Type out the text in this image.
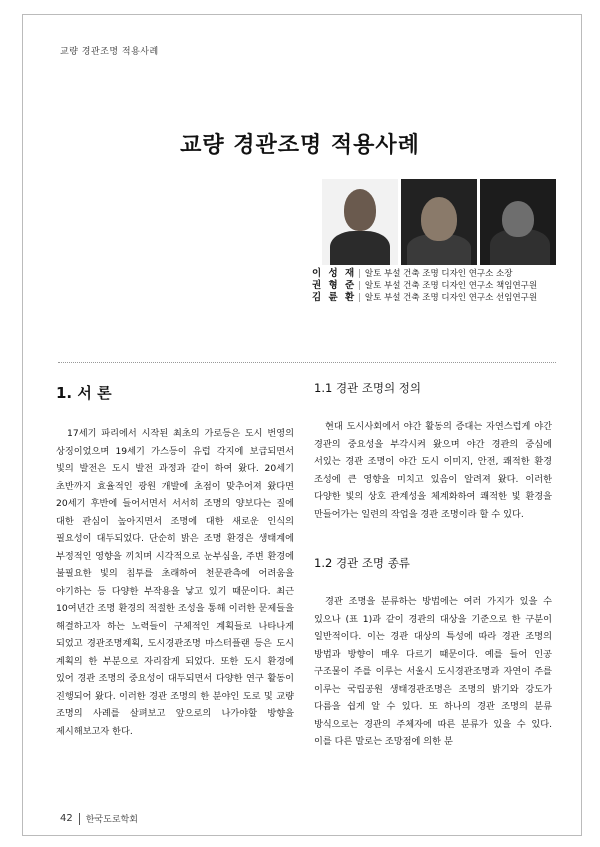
교량 경관조명 적용사례
교량 경관조명 적용사례
이 성 재 | 알토 부설 건축 조명 디자인 연구소 소장
권 형 준 | 알토 부설 건축 조명 디자인 연구소 책임연구원
김 륜 환 | 알토 부설 건축 조명 디자인 연구소 선임연구원
1. 서 론

17세기 파리에서 시작된 최초의 가로등은 도시 번영의 상징이었으며 19세기 가스등이 유럽 각지에 보급되면서 빛의 발전은 도시 발전 과정과 같이 하여 왔다. 20세기 초반까지 효율적인 광원 개발에 초점이 맞추어져 왔다면 20세기 후반에 들어서면서 서서히 조명의 양보다는 질에 대한 관심이 높아지면서 조명에 대한 새로운 인식의 필요성이 대두되었다. 단순히 밝은 조명 환경은 생태계에 부정적인 영향을 끼치며 시각적으로 눈부심을, 주변 환경에 불필요한 빛의 침투를 초래하여 천문관측에 어려움을 야기하는 등 다양한 부작용을 낳고 있기 때문이다. 최근 10여년간 조명 환경의 적절한 조성을 통해 이러한 문제들을 해결하고자 하는 노력들이 구체적인 계획들로 나타나게 되었고 경관조명계획, 도시경관조명 마스터플랜 등은 도시 계획의 한 부분으로 자리잡게 되었다. 또한 도시 환경에 있어 경관 조명의 중요성이 대두되면서 다양한 연구 활동이 진행되어 왔다. 이러한 경관 조명의 한 분야인 도로 및 교량 조명의 사례를 살펴보고 앞으로의 나가야할 방향을 제시해보고자 한다.

1.1 경관 조명의 정의

현대 도시사회에서 야간 활동의 증대는 자연스럽게 야간 경관의 중요성을 부각시켜 왔으며 야간 경관의 중심에 서있는 경관 조명이 야간 도시 이미지, 안전, 쾌적한 환경 조성에 큰 영향을 미치고 있음이 알려져 왔다. 이러한 다양한 빛의 상호 관계성을 체계화하여 쾌적한 빛 환경을 만들어가는 일련의 작업을 경관 조명이라 할 수 있다.

1.2 경관 조명 종류

경관 조명을 분류하는 방법에는 여러 가지가 있을 수 있으나 (표 1)과 같이 경관의 대상을 기준으로 한 구분이 일반적이다. 이는 경관 대상의 특성에 따라 경관 조명의 방법과 방향이 매우 다르기 때문이다. 예를 들어 인공 구조물이 주를 이루는 서울시 도시경관조명과 자연이 주를 이루는 국립공원 생태경관조명은 조명의 밝기와 강도가 다름을 쉽게 알 수 있다. 또 하나의 경관 조명의 분류 방식으로는 경관의 주체자에 따른 분류가 있을 수 있다. 이를 다른 말로는 조망점에 의한 분

42 한국도로학회
